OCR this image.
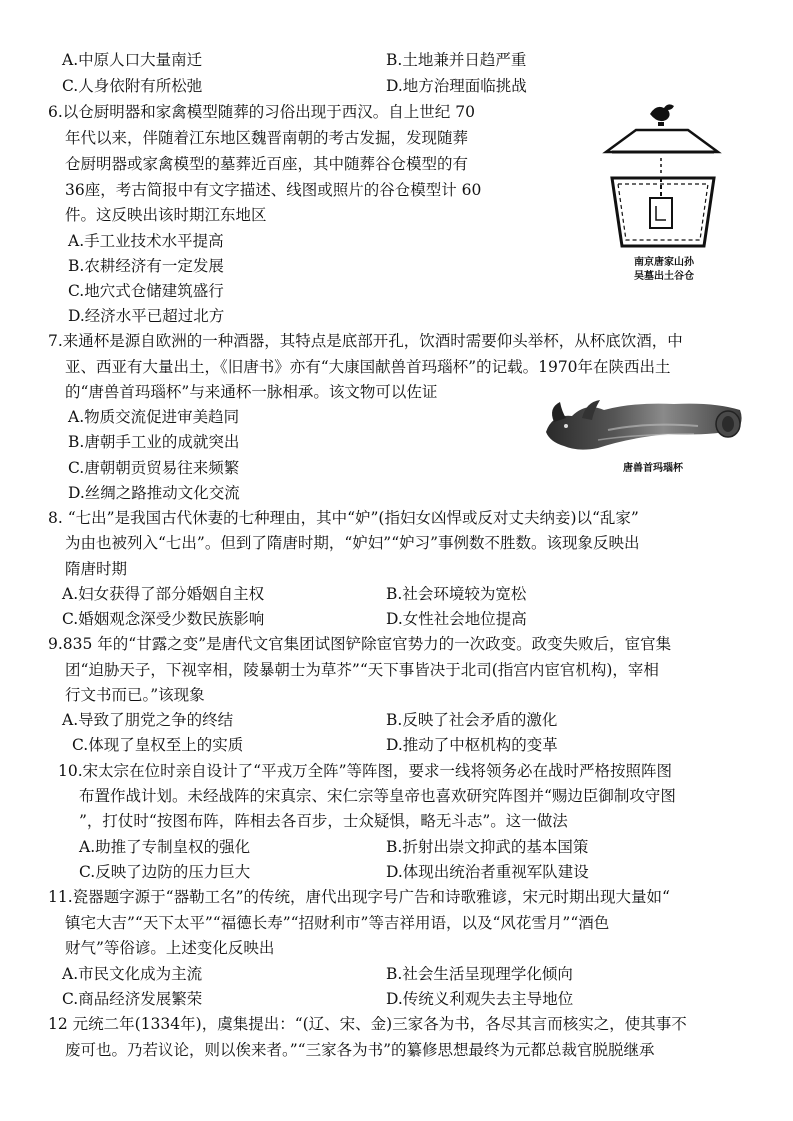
A.中原人口大量南迁	B.土地兼并日趋严重
C.人身依附有所松弛	D.地方治理面临挑战
6.以仓厨明器和家禽模型随葬的习俗出现于西汉。自上世纪 70
年代以来，伴随着江东地区魏晋南朝的考古发掘，发现随葬
仓厨明器或家禽模型的墓葬近百座，其中随葬谷仓模型的有
36座，考古简报中有文字描述、线图或照片的谷仓模型计 60
件。这反映出该时期江东地区
A.手工业技术水平提高
B.农耕经济有一定发展
C.地穴式仓储建筑盛行
D.经济水平已超过北方
南京唐家山孙
吴墓出土谷仓
7.来通杯是源自欧洲的一种酒器，其特点是底部开孔，饮酒时需要仰头举杯，从杯底饮酒，中
亚、西亚有大量出土，《旧唐书》亦有“大康国献兽首玛瑙杯”的记载。1970年在陕西出土
的“唐兽首玛瑙杯”与来通杯一脉相承。该文物可以佐证
A.物质交流促进审美趋同
B.唐朝手工业的成就突出
C.唐朝朝贡贸易往来频繁
D.丝绸之路推动文化交流
唐兽首玛瑙杯
8. “七出”是我国古代休妻的七种理由，其中“妒”(指妇女凶悍或反对丈夫纳妾)以“乱家”
为由也被列入“七出”。但到了隋唐时期，“妒妇”“妒习”事例数不胜数。该现象反映出
隋唐时期
A.妇女获得了部分婚姻自主权	B.社会环境较为宽松
C.婚姻观念深受少数民族影响	D.女性社会地位提高
9.835 年的“甘露之变”是唐代文官集团试图铲除宦官势力的一次政变。政变失败后，宦官集
团“迫胁天子，下视宰相，陵暴朝士为草芥”“天下事皆决于北司(指宫内宦官机构)，宰相
行文书而已。”该现象
A.导致了朋党之争的终结	B.反映了社会矛盾的激化
C.体现了皇权至上的实质	D.推动了中枢机构的变革
10.宋太宗在位时亲自设计了“平戎万全阵”等阵图，要求一线将领务必在战时严格按照阵图
布置作战计划。未经战阵的宋真宗、宋仁宗等皇帝也喜欢研究阵图并“赐边臣御制攻守图
”，打仗时“按图布阵，阵相去各百步，士众疑惧，略无斗志”。这一做法
A.助推了专制皇权的强化	B.折射出崇文抑武的基本国策
C.反映了边防的压力巨大	D.体现出统治者重视军队建设
11.瓷器题字源于“器勒工名”的传统，唐代出现字号广告和诗歌雅谚，宋元时期出现大量如“
镇宅大吉”“天下太平”“福德长寿”“招财利市”等吉祥用语，以及“风花雪月”“酒色
财气”等俗谚。上述变化反映出
A.市民文化成为主流	B.社会生活呈现理学化倾向
C.商品经济发展繁荣	D.传统义利观失去主导地位
12 元统二年(1334年)，虞集提出：“(辽、宋、金)三家各为书，各尽其言而核实之，使其事不
废可也。乃若议论，则以俟来者。”“三家各为书”的纂修思想最终为元都总裁官脱脱继承
